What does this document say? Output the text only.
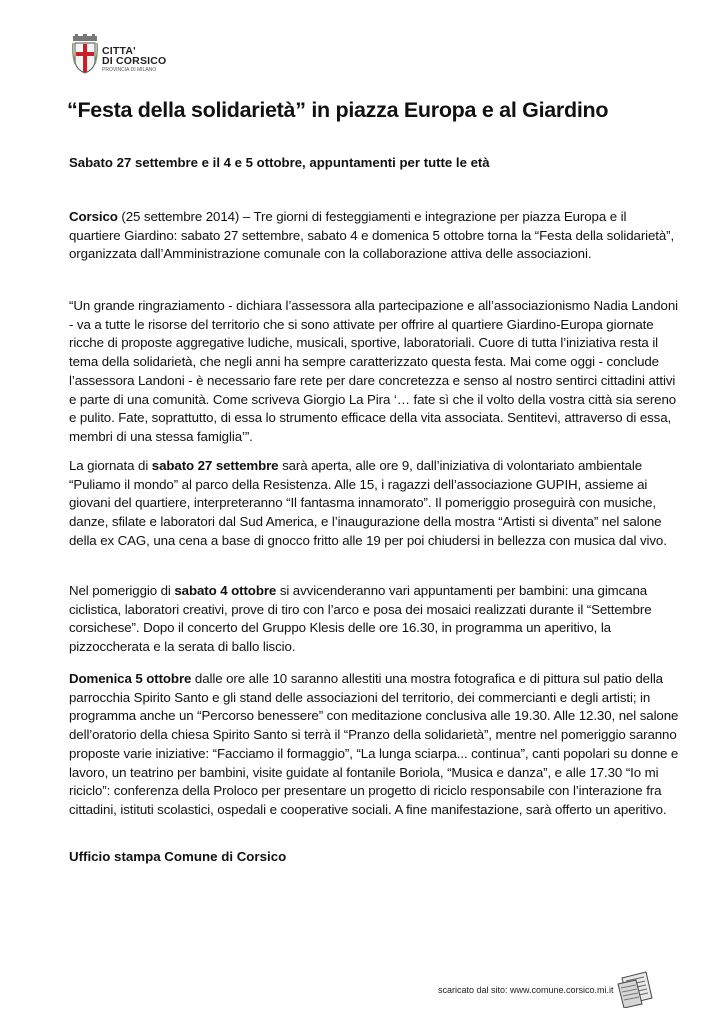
CITTA'
DI CORSICO
PROVINCIA DI MILANO
“Festa della solidarietà” in piazza Europa e al Giardino

Sabato 27 settembre e il 4 e 5 ottobre, appuntamenti per tutte le età

Corsico (25 settembre 2014) – Tre giorni di festeggiamenti e integrazione per piazza Europa e il quartiere Giardino: sabato 27 settembre, sabato 4 e domenica 5 ottobre torna la “Festa della solidarietà”, organizzata dall’Amministrazione comunale con la collaborazione attiva delle associazioni.

“Un grande ringraziamento - dichiara l’assessora alla partecipazione e all’associazionismo Nadia Landoni - va a tutte le risorse del territorio che si sono attivate per offrire al quartiere Giardino-Europa giornate ricche di proposte aggregative ludiche, musicali, sportive, laboratoriali. Cuore di tutta l’iniziativa resta il tema della solidarietà, che negli anni ha sempre caratterizzato questa festa. Mai come oggi - conclude l’assessora Landoni - è necessario fare rete per dare concretezza e senso al nostro sentirci cittadini attivi e parte di una comunità. Come scriveva Giorgio La Pira ‘… fate sì che il volto della vostra città sia sereno e pulito. Fate, soprattutto, di essa lo strumento efficace della vita associata. Sentitevi, attraverso di essa, membri di una stessa famiglia’”.

La giornata di sabato 27 settembre sarà aperta, alle ore 9, dall’iniziativa di volontariato ambientale “Puliamo il mondo” al parco della Resistenza. Alle 15, i ragazzi dell’associazione GUPIH, assieme ai giovani del quartiere, interpreteranno “Il fantasma innamorato”. Il pomeriggio proseguirà con musiche, danze, sfilate e laboratori dal Sud America, e l’inaugurazione della mostra “Artisti si diventa” nel salone della ex CAG, una cena a base di gnocco fritto alle 19 per poi chiudersi in bellezza con musica dal vivo.

Nel pomeriggio di sabato 4 ottobre si avvicenderanno vari appuntamenti per bambini: una gimcana ciclistica, laboratori creativi, prove di tiro con l’arco e posa dei mosaici realizzati durante il “Settembre corsichese”. Dopo il concerto del Gruppo Klesis delle ore 16.30, in programma un aperitivo, la pizzoccherata e la serata di ballo liscio.

Domenica 5 ottobre dalle ore alle 10 saranno allestiti una mostra fotografica e di pittura sul patio della parrocchia Spirito Santo e gli stand delle associazioni del territorio, dei commercianti e degli artisti; in programma anche un “Percorso benessere” con meditazione conclusiva alle 19.30. Alle 12.30, nel salone dell’oratorio della chiesa Spirito Santo si terrà il “Pranzo della solidarietà”, mentre nel pomeriggio saranno proposte varie iniziative: “Facciamo il formaggio”, “La lunga sciarpa... continua”, canti popolari su donne e lavoro, un teatrino per bambini, visite guidate al fontanile Boriola, “Musica e danza”, e alle 17.30 “Io mi riciclo”: conferenza della Proloco per presentare un progetto di riciclo responsabile con l’interazione fra cittadini, istituti scolastici, ospedali e cooperative sociali. A fine manifestazione, sarà offerto un aperitivo.

Ufficio stampa Comune di Corsico

scaricato dal sito: www.comune.corsico.mi.it
